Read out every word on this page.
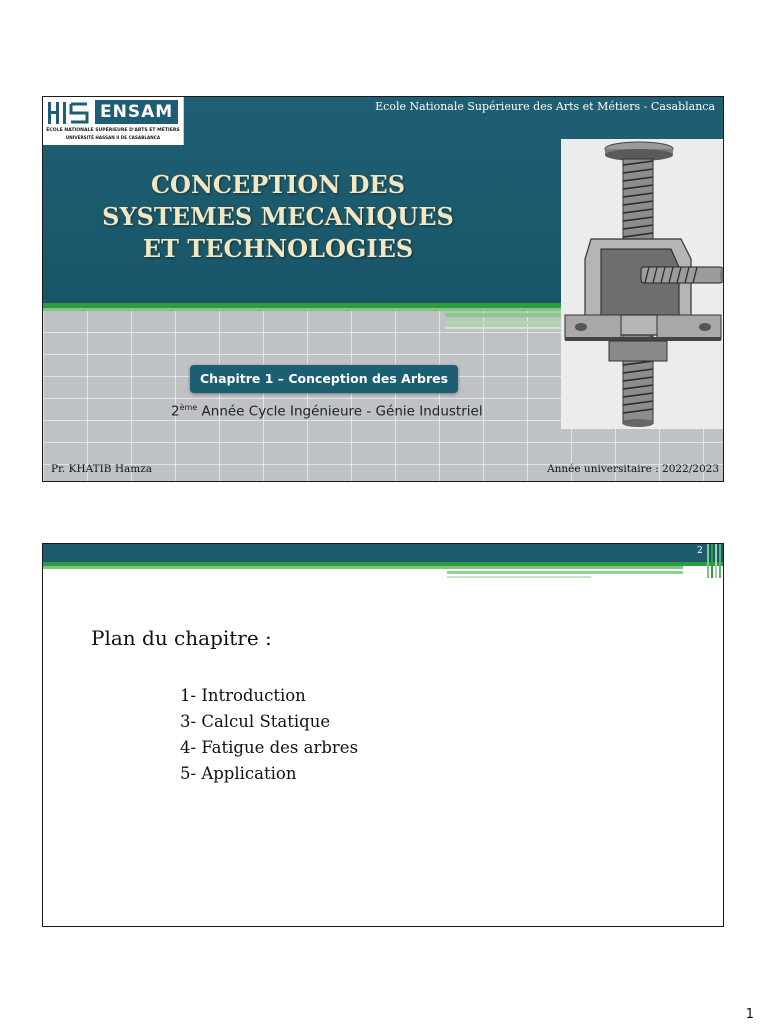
ENSAM
ÉCOLE NATIONALE SUPÉRIEURE D'ARTS ET MÉTIERS
UNIVERSITÉ HASSAN II DE CASABLANCA
Ecole Nationale Supérieure des Arts et Métiers - Casablanca
CONCEPTION DES
SYSTEMES MECANIQUES
ET TECHNOLOGIES
Chapitre 1 – Conception des Arbres
2ème Année Cycle Ingénieure - Génie Industriel
Pr. KHATIB Hamza	Année universitaire : 2022/2023
2
Plan du chapitre :
1- Introduction
3- Calcul Statique
4- Fatigue des arbres
5- Application
1
